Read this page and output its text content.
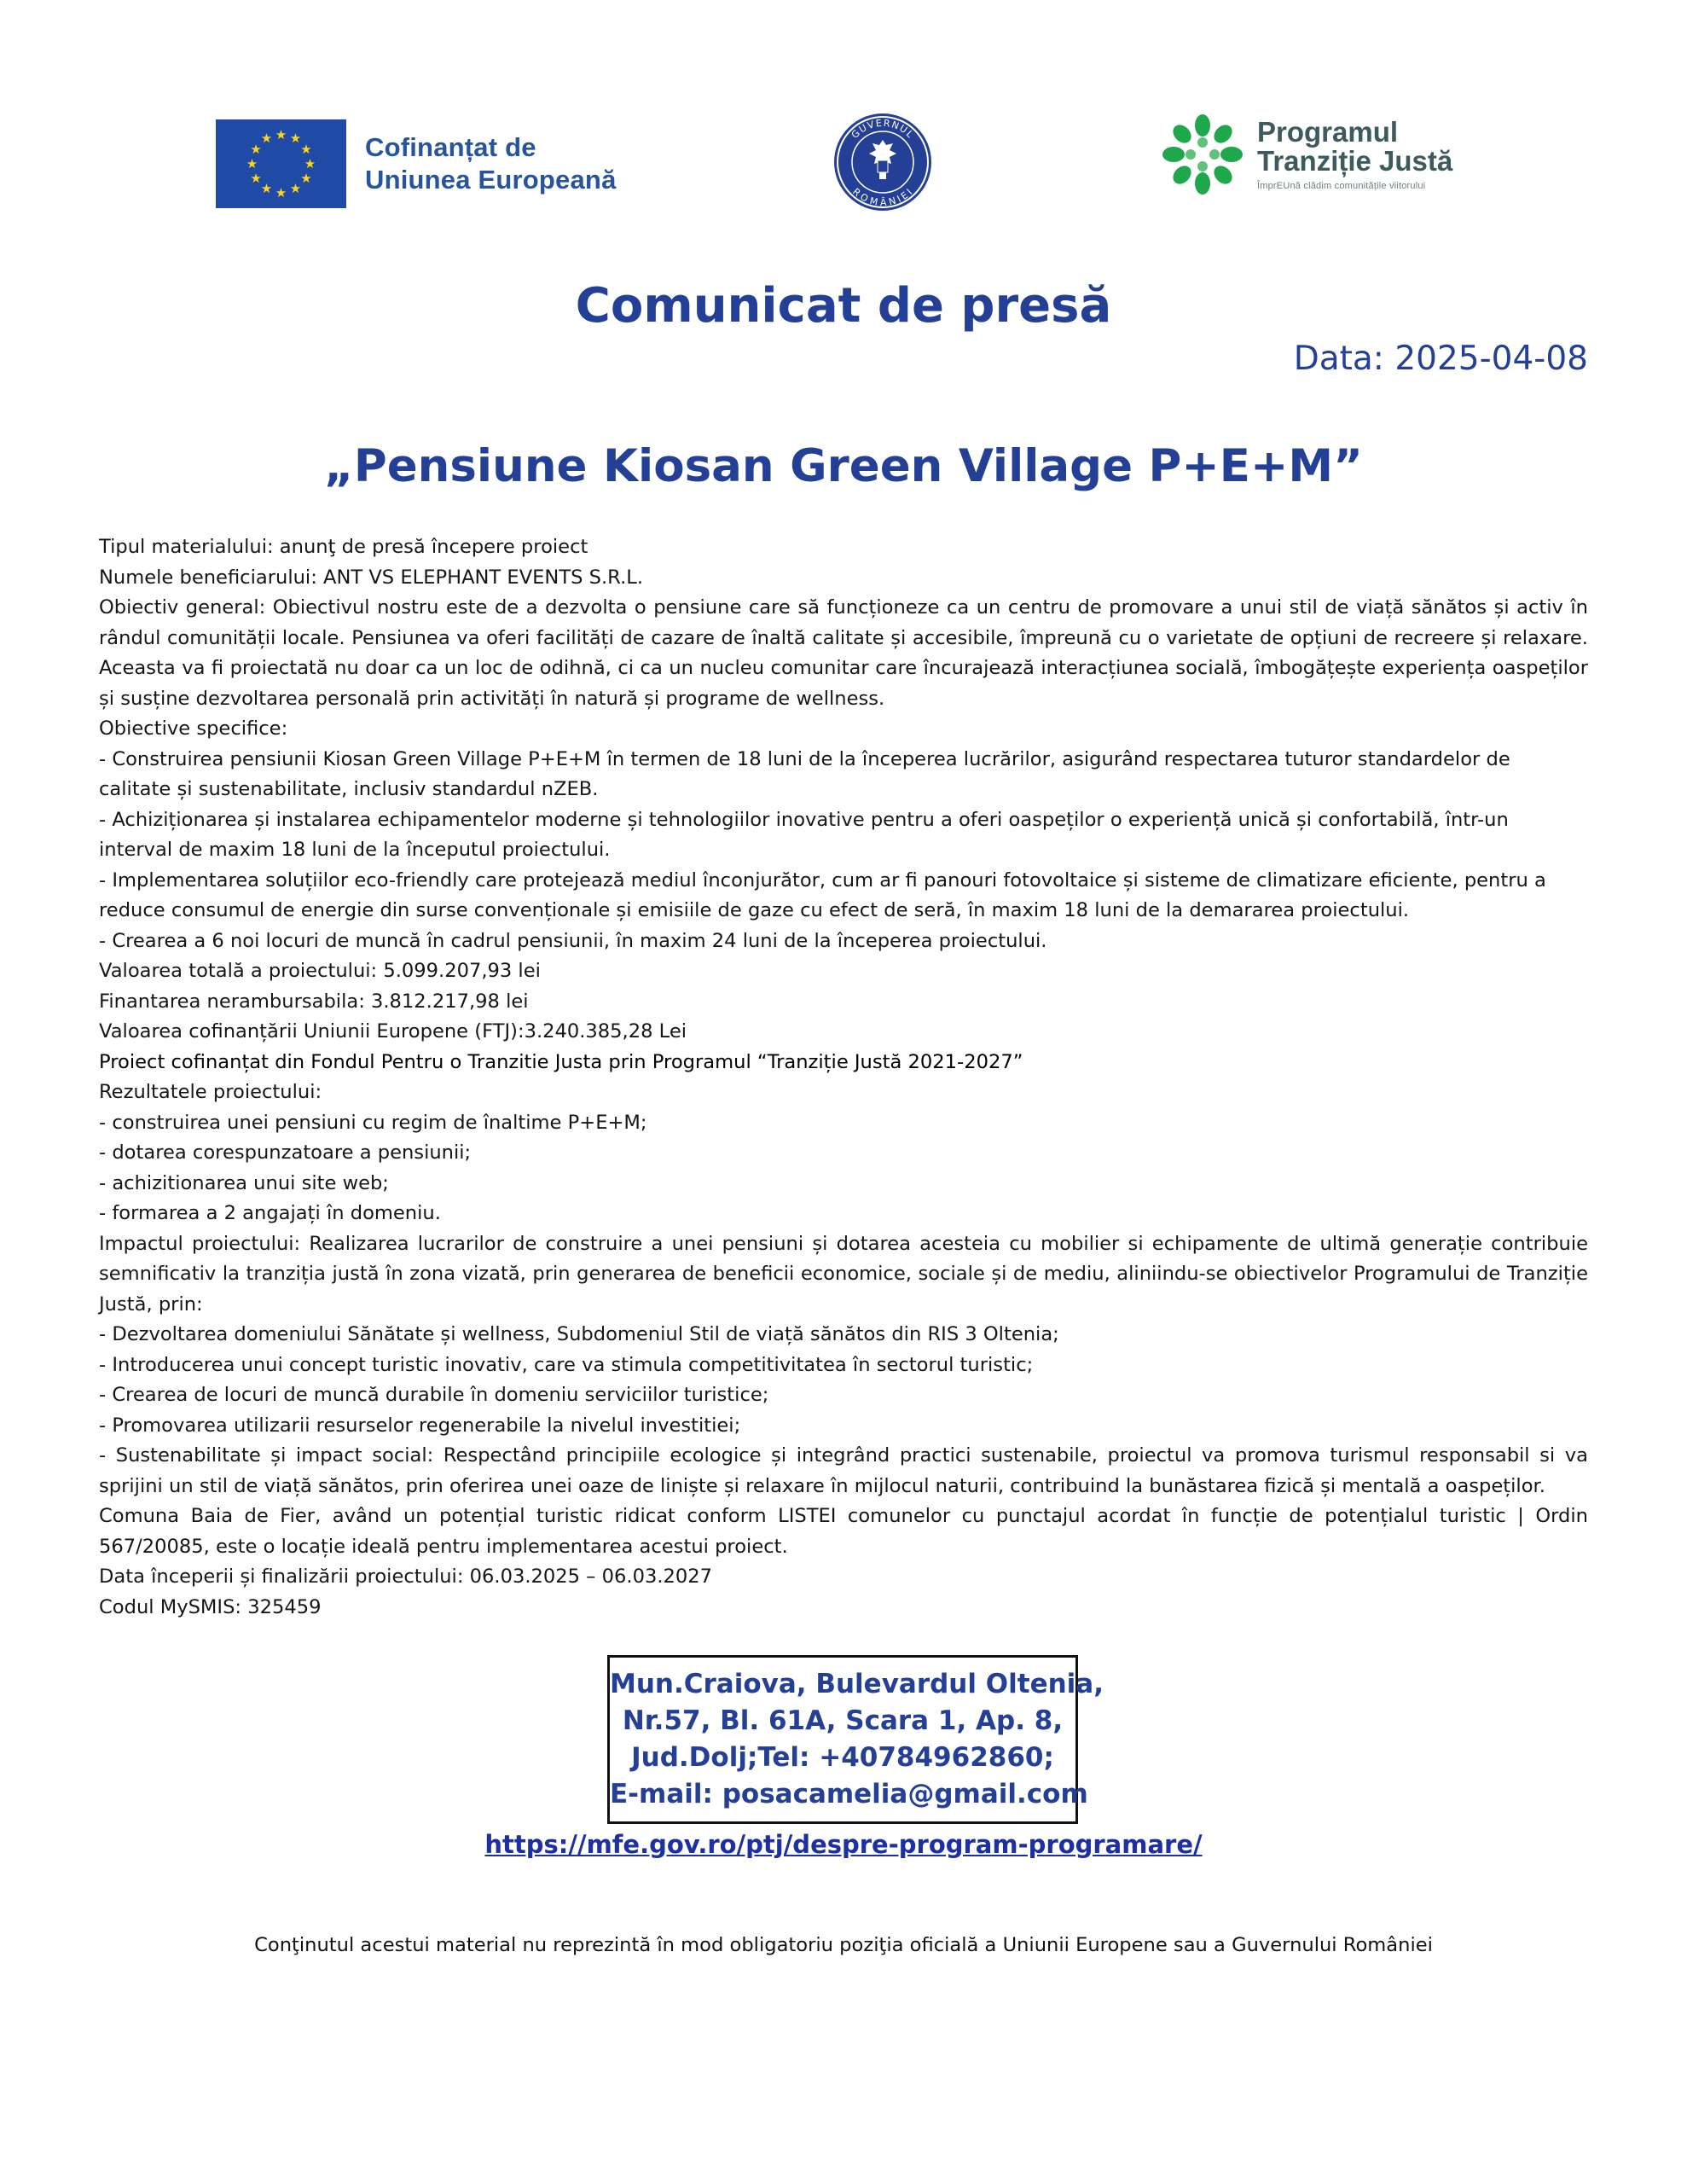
★ ★
★
★
★
★
★
★
★
★
★
★	Cofinanțat de
Uniunea Europeană
GUVERNUL
ROMÂNIEI
Programul
Tranziție Justă
ÎmprEUnă clădim comunitățile viitorului
Comunicat de presă
Data: 2025-04-08
„Pensiune Kiosan Green Village P+E+M”

Tipul materialului: anunţ de presă începere proiect

Numele beneficiarului: ANT VS ELEPHANT EVENTS S.R.L.

Obiectiv general: Obiectivul nostru este de a dezvolta o pensiune care să funcționeze ca un centru de promovare a unui stil de viață sănătos și activ în rândul comunității locale. Pensiunea va oferi facilități de cazare de înaltă calitate și accesibile, împreună cu o varietate de opțiuni de recreere și relaxare. Aceasta va fi proiectată nu doar ca un loc de odihnă, ci ca un nucleu comunitar care încurajează interacțiunea socială, îmbogățește experiența oaspeților și susține dezvoltarea personală prin activități în natură și programe de wellness.

Obiective specifice:

- Construirea pensiunii Kiosan Green Village P+E+M în termen de 18 luni de la începerea lucrărilor, asigurând respectarea tuturor standardelor de calitate și sustenabilitate, inclusiv standardul nZEB.

- Achiziționarea și instalarea echipamentelor moderne și tehnologiilor inovative pentru a oferi oaspeților o experiență unică și confortabilă, într-un interval de maxim 18 luni de la începutul proiectului.

- Implementarea soluțiilor eco-friendly care protejează mediul înconjurător, cum ar fi panouri fotovoltaice și sisteme de climatizare eficiente, pentru a reduce consumul de energie din surse convenționale și emisiile de gaze cu efect de seră, în maxim 18 luni de la demararea proiectului.

- Crearea a 6 noi locuri de muncă în cadrul pensiunii, în maxim 24 luni de la începerea proiectului.

Valoarea totală a proiectului: 5.099.207,93 lei

Finantarea nerambursabila: 3.812.217,98 lei

Valoarea cofinanțării Uniunii Europene (FTJ):3.240.385,28 Lei

Proiect cofinanțat din Fondul Pentru o Tranzitie Justa prin Programul “Tranziție Justă 2021-2027”

Rezultatele proiectului:

- construirea unei pensiuni cu regim de înaltime P+E+M;

- dotarea corespunzatoare a pensiunii;

- achizitionarea unui site web;

- formarea a 2 angajați în domeniu.

Impactul proiectului: Realizarea lucrarilor de construire a unei pensiuni și dotarea acesteia cu mobilier si echipamente de ultimă generație contribuie semnificativ la tranziția justă în zona vizată, prin generarea de beneficii economice, sociale și de mediu, aliniindu-se obiectivelor Programului de Tranziție Justă, prin:

- Dezvoltarea domeniului Sănătate și wellness, Subdomeniul Stil de viață sănătos din RIS 3 Oltenia;

- Introducerea unui concept turistic inovativ, care va stimula competitivitatea în sectorul turistic;

- Crearea de locuri de muncă durabile în domeniu serviciilor turistice;

- Promovarea utilizarii resurselor regenerabile la nivelul investitiei;

- Sustenabilitate și impact social: Respectând principiile ecologice și integrând practici sustenabile, proiectul va promova turismul responsabil si va sprijini un stil de viață sănătos, prin oferirea unei oaze de liniște și relaxare în mijlocul naturii, contribuind la bunăstarea fizică și mentală a oaspeților.

Comuna Baia de Fier, având un potențial turistic ridicat conform LISTEI comunelor cu punctajul acordat în funcție de potențialul turistic | Ordin 567/20085, este o locație ideală pentru implementarea acestui proiect.

Data începerii și finalizării proiectului: 06.03.2025 – 06.03.2027

Codul MySMIS: 325459

Mun.Craiova, Bulevardul Oltenia,
Nr.57, Bl. 61A, Scara 1, Ap. 8,
Jud.Dolj;Tel: +40784962860;
E-mail: posacamelia@gmail.com
https://mfe.gov.ro/ptj/despre-program-programare/
Conţinutul acestui material nu reprezintă în mod obligatoriu poziţia oficială a Uniunii Europene sau a Guvernului României
